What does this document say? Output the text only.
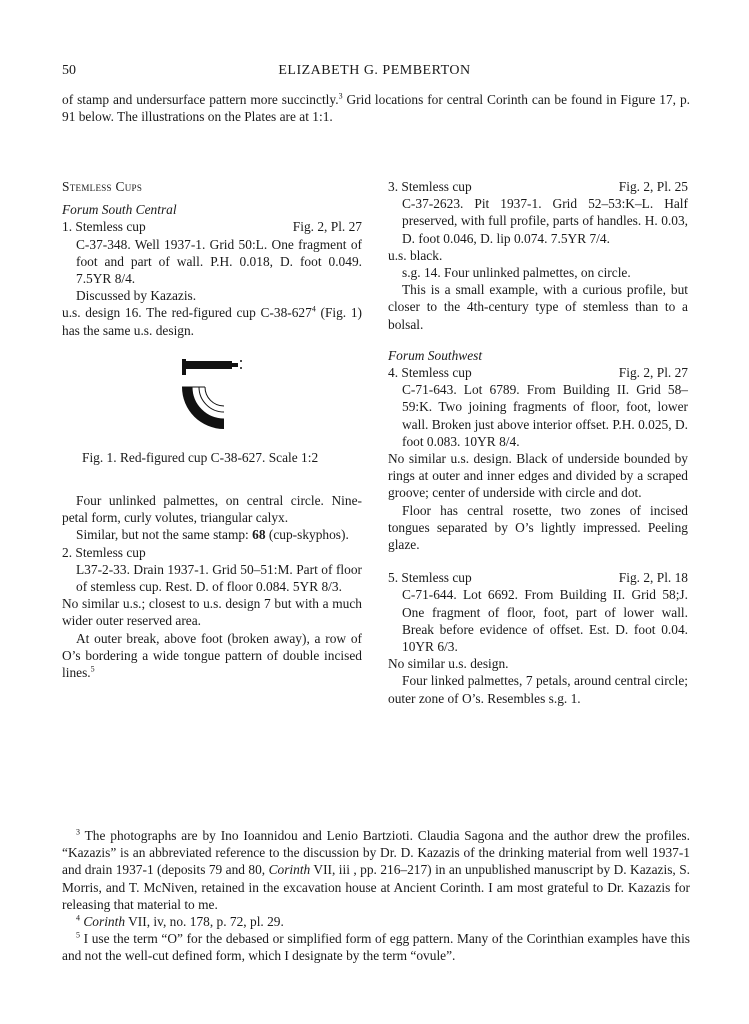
50	ELIZABETH G. PEMBERTON
of stamp and undersurface pattern more succinctly.$^3$ Grid locations for central Corinth can be found in Figure 17, p. 91 below. The illustrations on the Plates are at 1:1.

Stemless Cups

Forum South Central

1. Stemless cup	Fig. 2, Pl. 27

C-37-348. Well 1937-1. Grid 50:L. One fragment of foot and part of wall. P.H. 0.018, D. foot 0.049. 7.5YR 8/4.

Discussed by Kazazis.

u.s. design 16. The red-figured cup $C-38-627^4$ (Fig. 1) has the same u.s. design.

Fig. 1. Red-figured cup C-38-627. Scale 1:2

Four unlinked palmettes, on central circle. Nine-petal form, curly volutes, triangular calyx.

Similar, but not the same stamp: 68 (cup-skyphos).

2. Stemless cup

L37-2-33. Drain 1937-1. Grid 50–51:M. Part of floor of stemless cup. Rest. D. of floor 0.084. 5YR 8/3.

No similar u.s.; closest to u.s. design 7 but with a much wider outer reserved area.

At outer break, above foot (broken away), a row of O’s bordering a wide tongue pattern of double incised lines.$^5$

3. Stemless cup	Fig. 2, Pl. 25

C-37-2623. Pit 1937-1. Grid 52–53:K–L. Half preserved, with full profile, parts of handles. H. 0.03, D. foot 0.046, D. lip 0.074. 7.5YR 7/4.

u.s. black.

s.g. 14. Four unlinked palmettes, on circle.

This is a small example, with a curious profile, but closer to the 4th-century type of stemless than to a bolsal.

Forum Southwest

4. Stemless cup	Fig. 2, Pl. 27

C-71-643. Lot 6789. From Building II. Grid 58–59:K. Two joining fragments of floor, foot, lower wall. Broken just above interior offset. P.H. 0.025, D. foot 0.083. 10YR 8/4.

No similar u.s. design. Black of underside bounded by rings at outer and inner edges and divided by a scraped groove; center of underside with circle and dot.

Floor has central rosette, two zones of incised tongues separated by O’s lightly impressed. Peeling glaze.

5. Stemless cup	Fig. 2, Pl. 18

C-71-644. Lot 6692. From Building II. Grid 58;J. One fragment of floor, foot, part of lower wall. Break before evidence of offset. Est. D. foot 0.04. 10YR 6/3.

No similar u.s. design.

Four linked palmettes, 7 petals, around central circle; outer zone of O’s. Resembles s.g. 1.

$^3$ The photographs are by Ino Ioannidou and Lenio Bartzioti. Claudia Sagona and the author drew the profiles. “Kazazis” is an abbreviated reference to the discussion by Dr. D. Kazazis of the drinking material from well 1937-1 and drain 1937-1 (deposits 79 and 80, Corinth VII, iii , pp. 216–217) in an unpublished manuscript by D. Kazazis, S. Morris, and T. McNiven, retained in the excavation house at Ancient Corinth. I am most grateful to Dr. Kazazis for releasing that material to me.

$^4$ Corinth VII, iv, no. 178, p. 72, pl. 29.

$^5$ I use the term “O” for the debased or simplified form of egg pattern. Many of the Corinthian examples have this and not the well-cut defined form, which I designate by the term “ovule”.
